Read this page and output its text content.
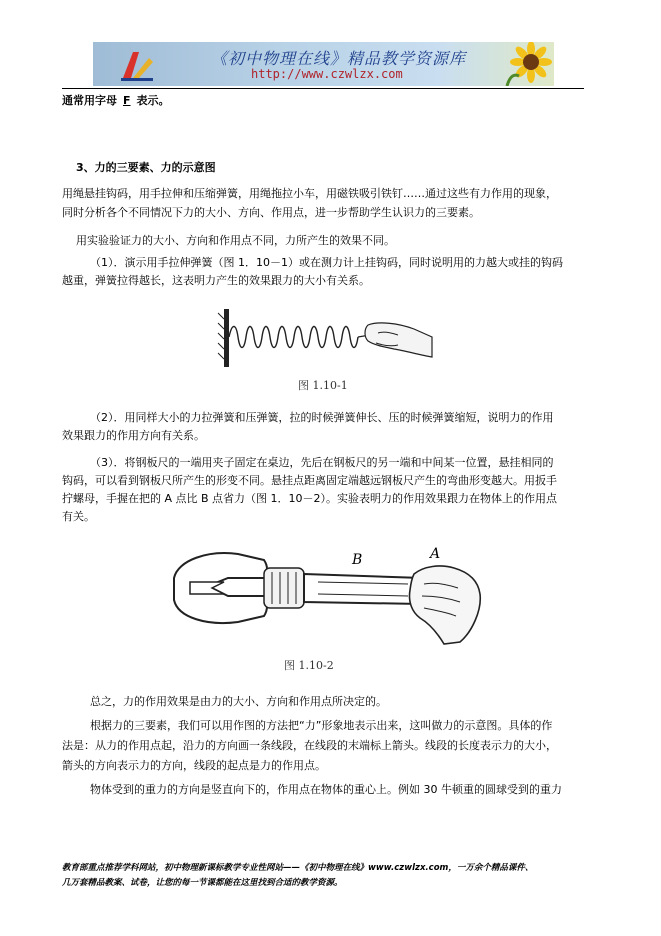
《初中物理在线》精品教学资源库
http://www.czwlzx.com
通常用字母 F 表示。
3、力的三要素、力的示意图
用绳悬挂钩码，用手拉伸和压缩弹簧，用绳拖拉小车，用磁铁吸引铁钉……通过这些有力作用的现象，
同时分析各个不同情况下力的大小、方向、作用点，进一步帮助学生认识力的三要素。
用实验验证力的大小、方向和作用点不同，力所产生的效果不同。
（1）．演示用手拉伸弹簧（图 1．10－1）或在测力计上挂钩码，同时说明用的力越大或挂的钩码
越重，弹簧拉得越长，这表明力产生的效果跟力的大小有关系。
图 1.10-1
（2）．用同样大小的力拉弹簧和压弹簧，拉的时候弹簧伸长、压的时候弹簧缩短，说明力的作用
效果跟力的作用方向有关系。
（3）．将钢板尺的一端用夹子固定在桌边，先后在钢板尺的另一端和中间某一位置，悬挂相同的
钩码，可以看到钢板尺所产生的形变不同。悬挂点距离固定端越远钢板尺产生的弯曲形变越大。用扳手
拧螺母，手握在把的 A 点比 B 点省力（图 1．10－2）。实验表明力的作用效果跟力在物体上的作用点
有关。
B	A
图 1.10-2
总之，力的作用效果是由力的大小、方向和作用点所决定的。
根据力的三要素，我们可以用作图的方法把“力”形象地表示出来，这叫做力的示意图。具体的作
法是：从力的作用点起，沿力的方向画一条线段，在线段的末端标上箭头。线段的长度表示力的大小，
箭头的方向表示力的方向，线段的起点是力的作用点。
物体受到的重力的方向是竖直向下的，作用点在物体的重心上。例如 30 牛顿重的圆球受到的重力
教育部重点推荐学科网站，初中物理新课标教学专业性网站——《初中物理在线》www.czwlzx.com，一万余个精品课件、
几万套精品教案、试卷，让您的每一节课都能在这里找到合适的教学资源。
